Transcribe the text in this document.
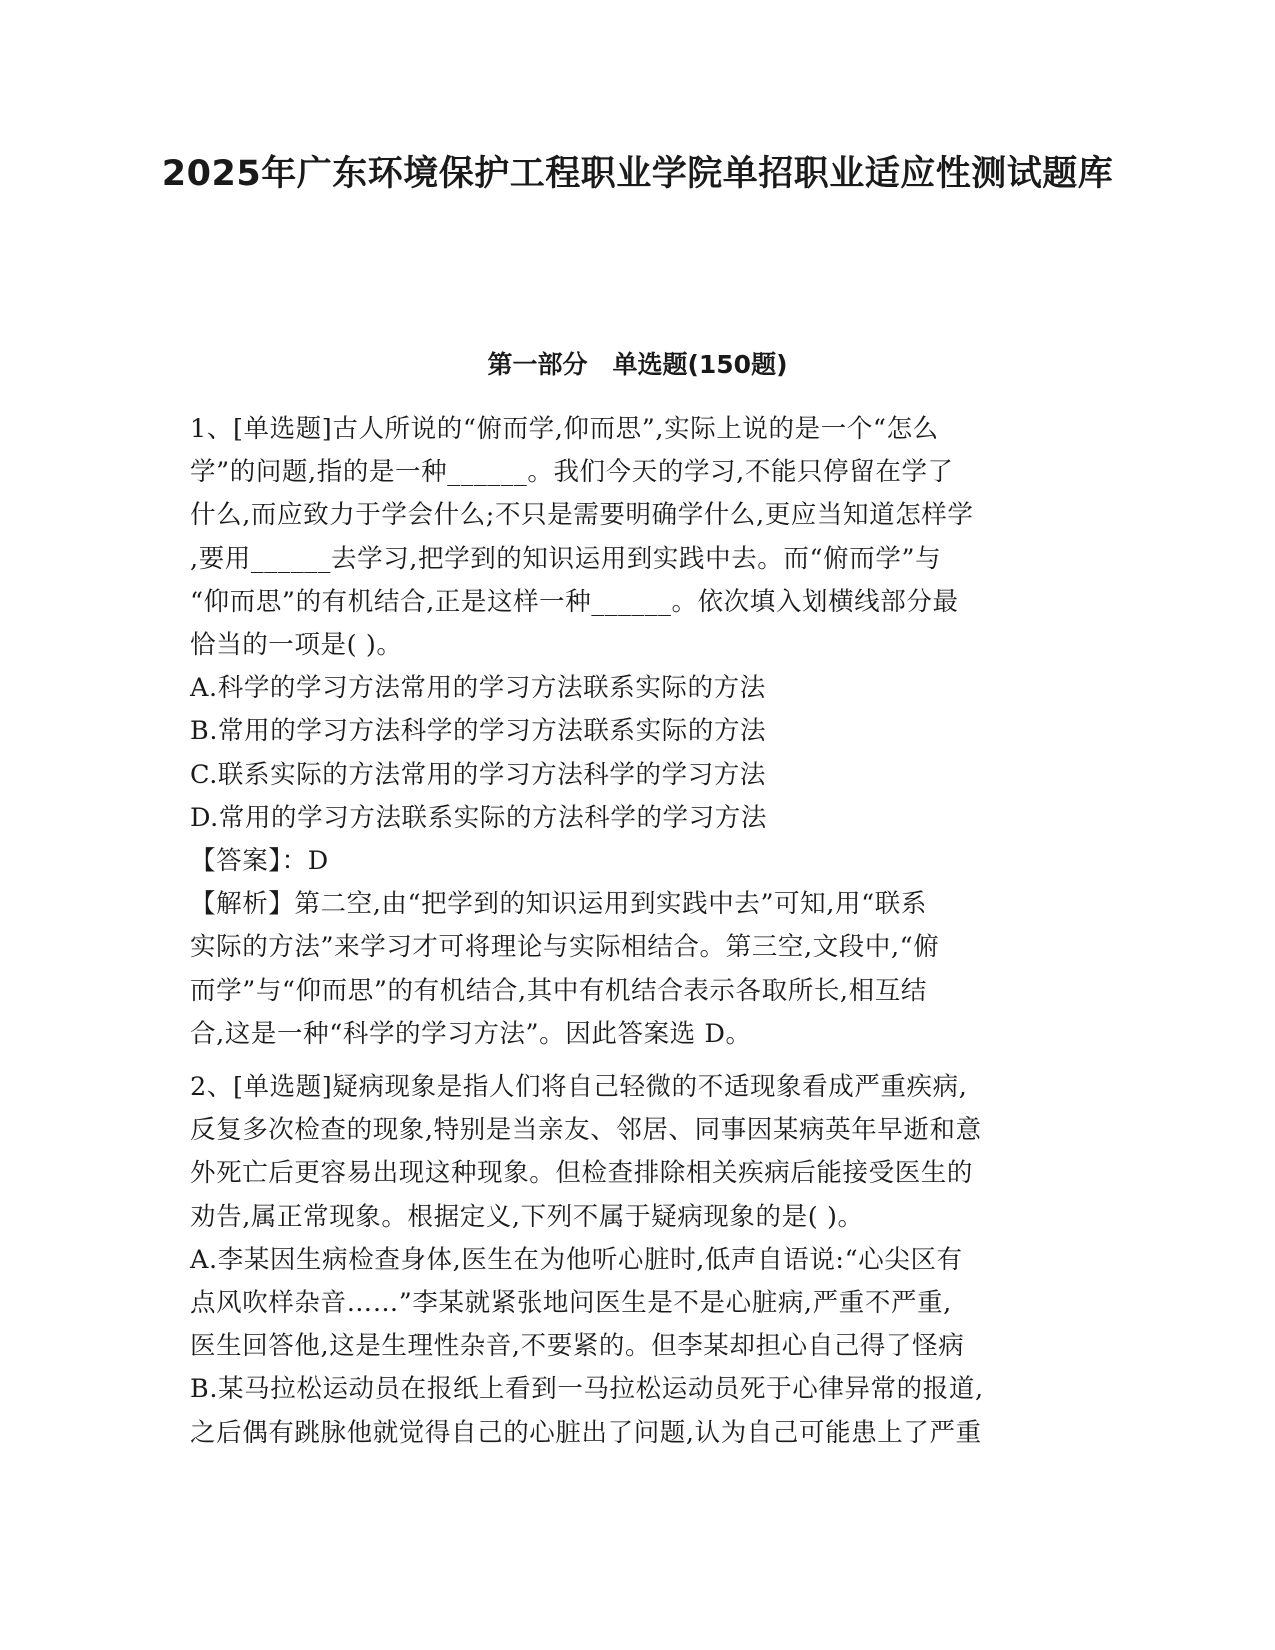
2025年广东环境保护工程职业学院单招职业适应性测试题库
第一部分　单选题(150题)

1、[单选题]古人所说的“俯而学,仰而思”,实际上说的是一个“怎么

学”的问题,指的是一种______。我们今天的学习,不能只停留在学了

什么,而应致力于学会什么;不只是需要明确学什么,更应当知道怎样学

,要用______去学习,把学到的知识运用到实践中去。而“俯而学”与

“仰而思”的有机结合,正是这样一种______。依次填入划横线部分最

恰当的一项是( )。

A.科学的学习方法常用的学习方法联系实际的方法

B.常用的学习方法科学的学习方法联系实际的方法

C.联系实际的方法常用的学习方法科学的学习方法

D.常用的学习方法联系实际的方法科学的学习方法

【答案】：D

【解析】第二空,由“把学到的知识运用到实践中去”可知,用“联系

实际的方法”来学习才可将理论与实际相结合。第三空,文段中,“俯

而学”与“仰而思”的有机结合,其中有机结合表示各取所长,相互结

合,这是一种“科学的学习方法”。因此答案选 D。

2、[单选题]疑病现象是指人们将自己轻微的不适现象看成严重疾病,

反复多次检查的现象,特别是当亲友、邻居、同事因某病英年早逝和意

外死亡后更容易出现这种现象。但检查排除相关疾病后能接受医生的

劝告,属正常现象。根据定义,下列不属于疑病现象的是( )。

A.李某因生病检查身体,医生在为他听心脏时,低声自语说:“心尖区有

点风吹样杂音……”李某就紧张地问医生是不是心脏病,严重不严重,

医生回答他,这是生理性杂音,不要紧的。但李某却担心自己得了怪病

B.某马拉松运动员在报纸上看到一马拉松运动员死于心律异常的报道,

之后偶有跳脉他就觉得自己的心脏出了问题,认为自己可能患上了严重
